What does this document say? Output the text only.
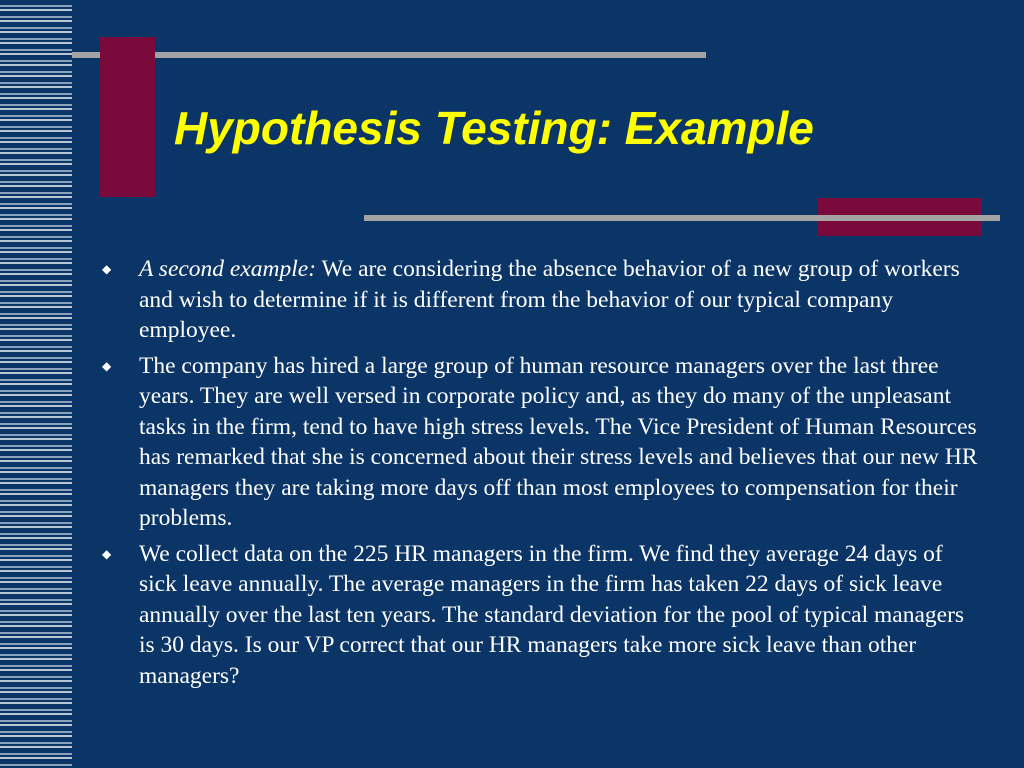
Hypothesis Testing: Example
◆ A second example: We are considering the absence behavior of a new group of workers and wish to determine if it is different from the behavior of our typical company employee.
◆ The company has hired a large group of human resource managers over the last three years. They are well versed in corporate policy and, as they do many of the unpleasant tasks in the firm, tend to have high stress levels. The Vice President of Human Resources has remarked that she is concerned about their stress levels and believes that our new HR managers they are taking more days off than most employees to compensation for their problems.
◆ We collect data on the 225 HR managers in the firm. We find they average 24 days of sick leave annually. The average managers in the firm has taken 22 days of sick leave annually over the last ten years. The standard deviation for the pool of typical managers is 30 days. Is our VP correct that our HR managers take more sick leave than other managers?
